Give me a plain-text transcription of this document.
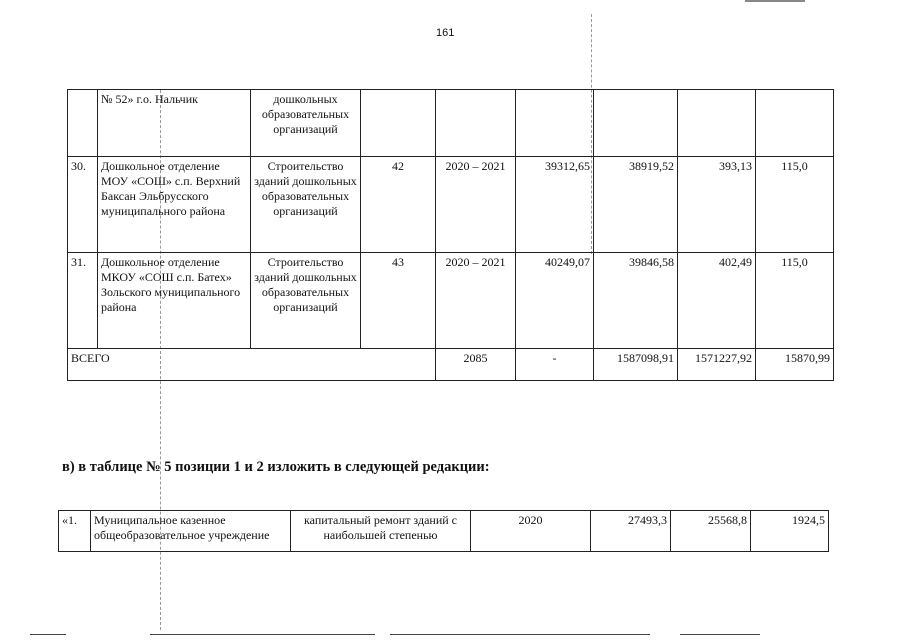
161
	№ 52» г.о. Нальчик	дошкольных образовательных организаций						
30.	Дошкольное отделение МОУ «СОШ» с.п. Верхний Баксан Эльбрусского муниципального района	Строительство зданий дошкольных образовательных организаций	42	2020 – 2021	39312,65	38919,52	393,13	115,0
31.	Дошкольное отделение МКОУ «СОШ с.п. Батех» Зольского муниципального района	Строительство зданий дошкольных образовательных организаций	43	2020 – 2021	40249,07	39846,58	402,49	115,0
ВСЕГО				2085	-	1587098,91	1571227,92	15870,99

в) в таблице № 5 позиции 1 и 2 изложить в следующей редакции:

«1.	Муниципальное казенное общеобразовательное учреждение	капитальный ремонт зданий с наибольшей степенью	2020	27493,3	25568,8	1924,5
